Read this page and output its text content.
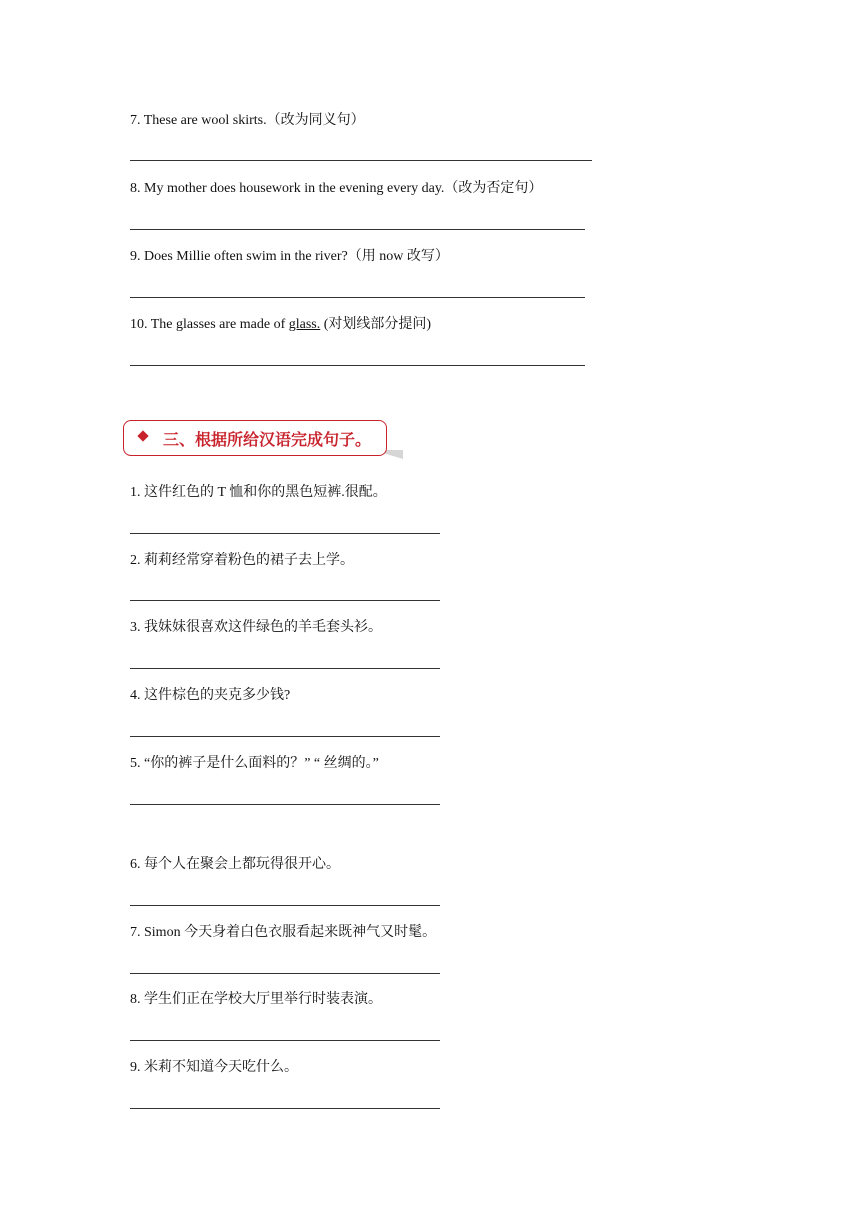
7. These are wool skirts.（改为同义句）
8. My mother does housework in the evening every day.（改为否定句）
9. Does Millie often swim in the river?（用 now 改写）
10. The glasses are made of glass. (对划线部分提问)
三、根据所给汉语完成句子。
1. 这件红色的 T 恤和你的黑色短裤.很配。
2. 莉莉经常穿着粉色的裙子去上学。
3. 我妹妹很喜欢这件绿色的羊毛套头衫。
4. 这件棕色的夹克多少钱?
5. “你的裤子是什么面料的？” “ 丝绸的。”
6. 每个人在聚会上都玩得很开心。
7. Simon 今天身着白色衣服看起来既神气又时髦。
8. 学生们正在学校大厅里举行时装表演。
9. 米莉不知道今天吃什么。
